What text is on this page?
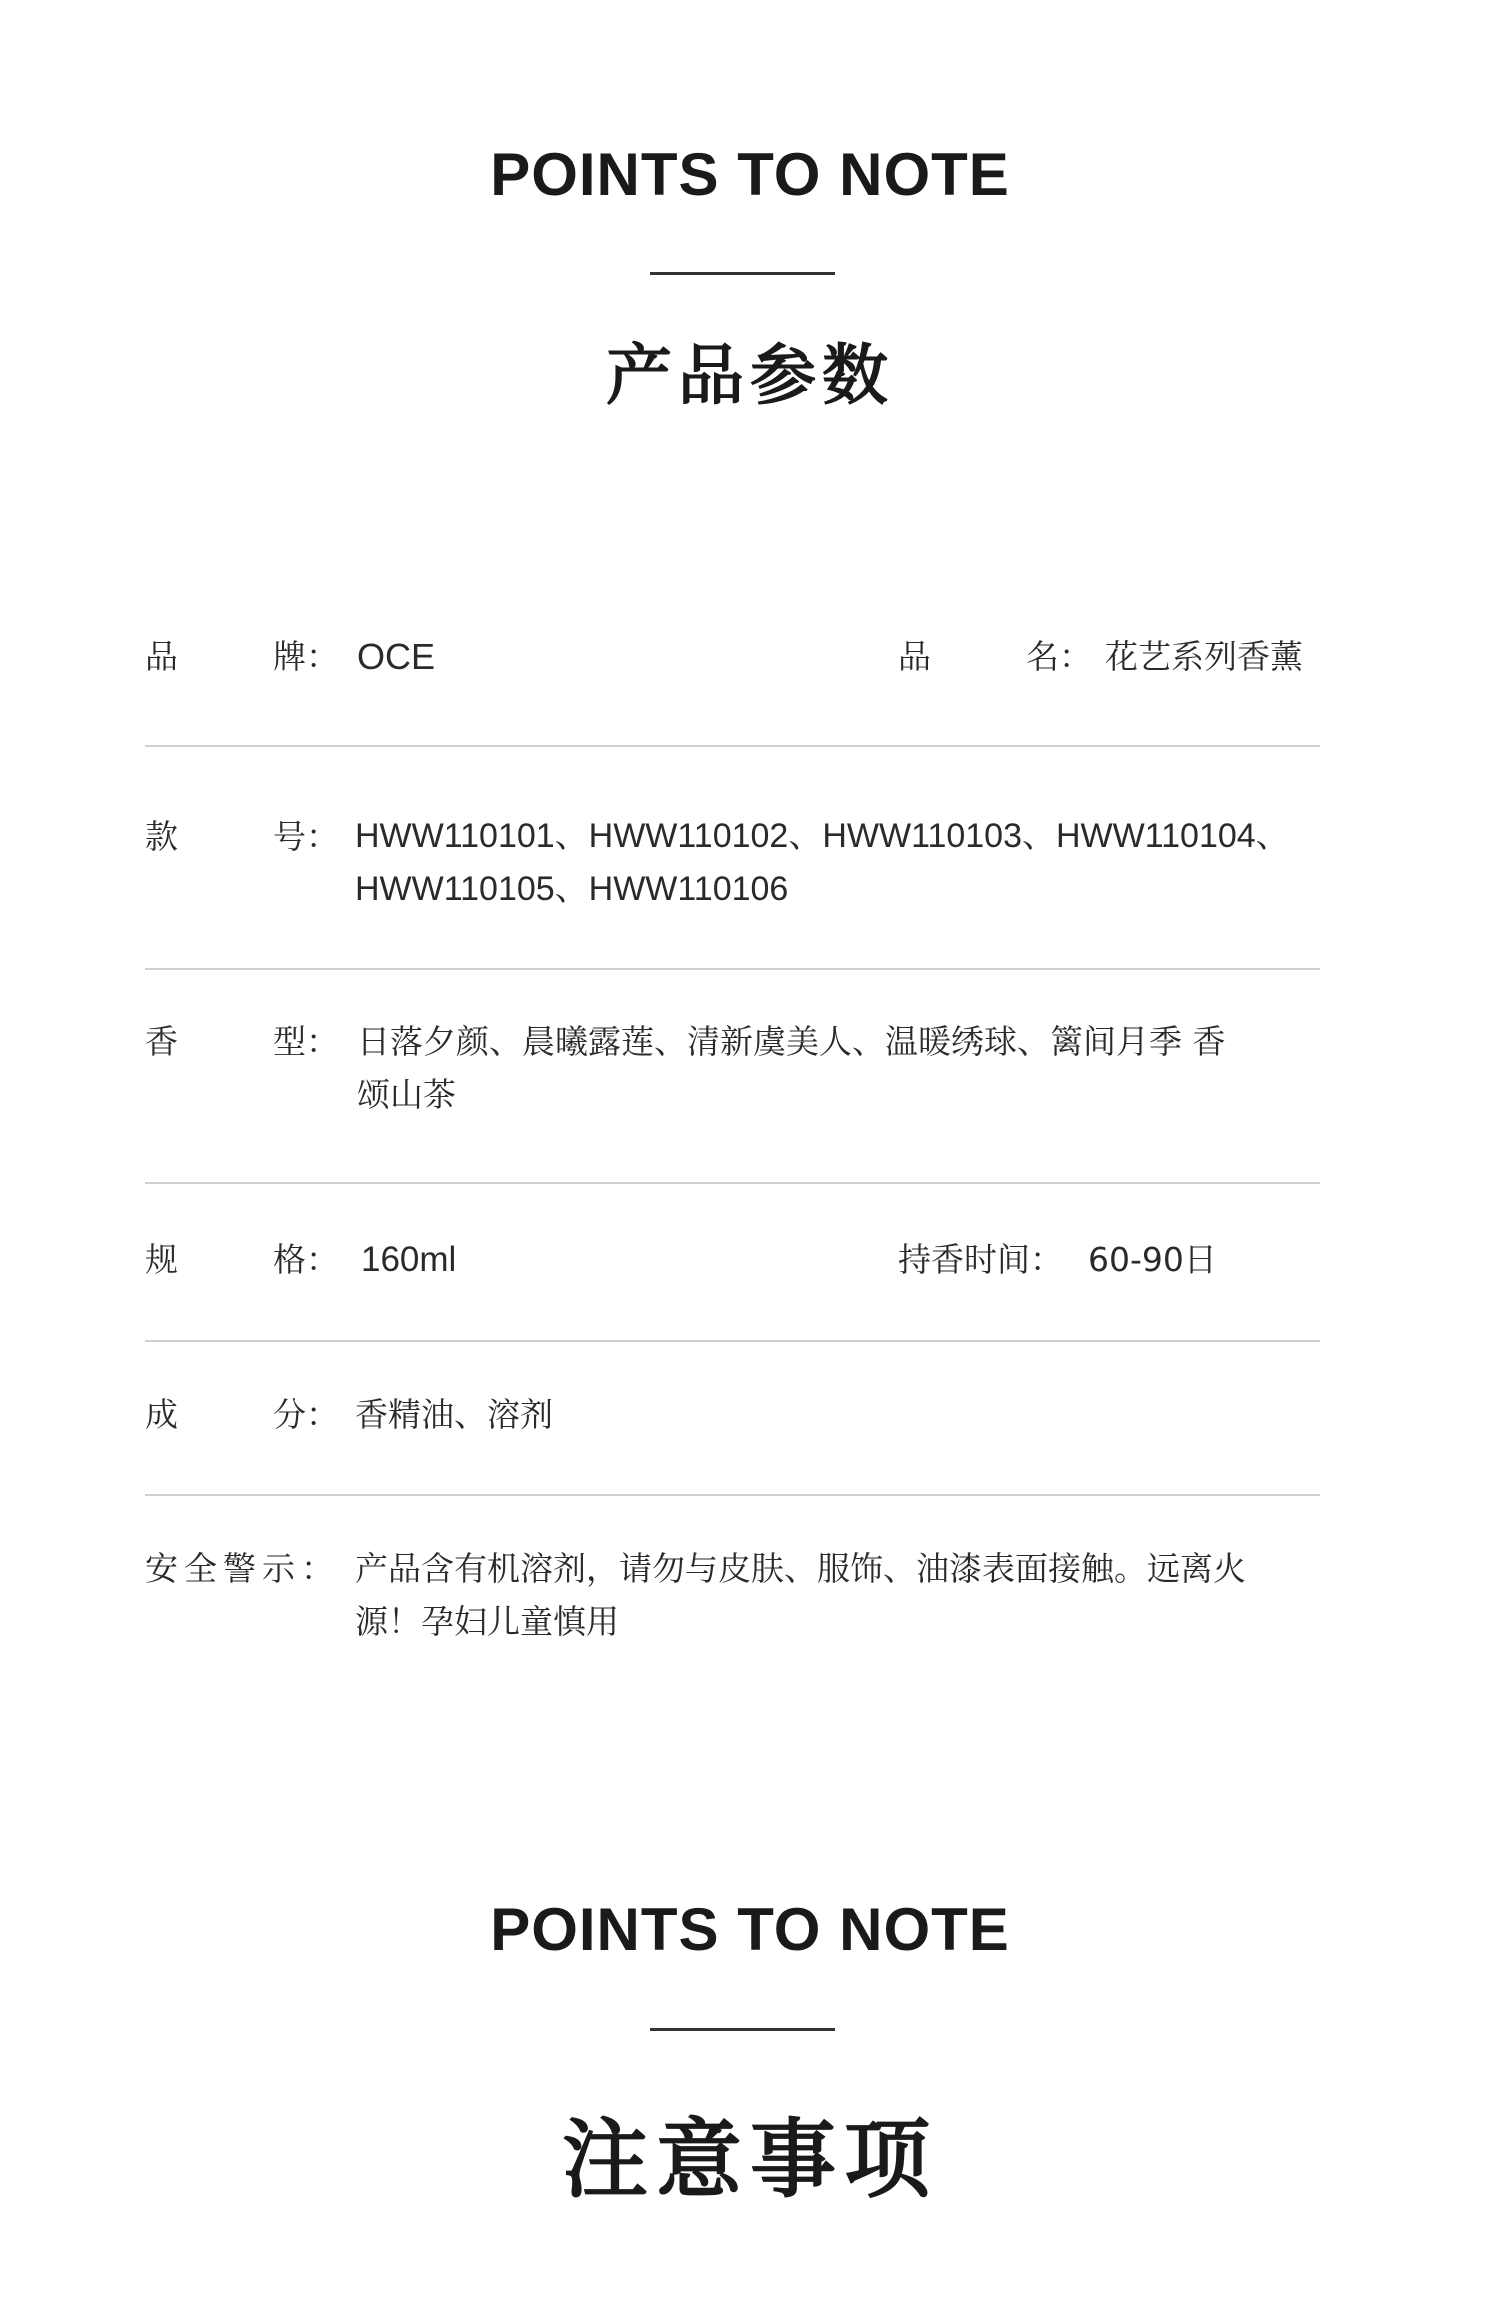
POINTS TO NOTE
产品参数
品	牌： OCE	品	名： 花艺系列香薰
款	号： HWW110101、HWW110102、HWW110103、HWW110104、HWW110105、HWW110106
香	型： 日落夕颜、晨曦露莲、清新虞美人、温暖绣球、篱间月季 香颂山茶
规	格： 160ml	持香时间： 60-90日
成	分： 香精油、溶剂
安全警示： 产品含有机溶剂，请勿与皮肤、服饰、油漆表面接触。远离火源！孕妇儿童慎用
POINTS TO NOTE
注意事项
